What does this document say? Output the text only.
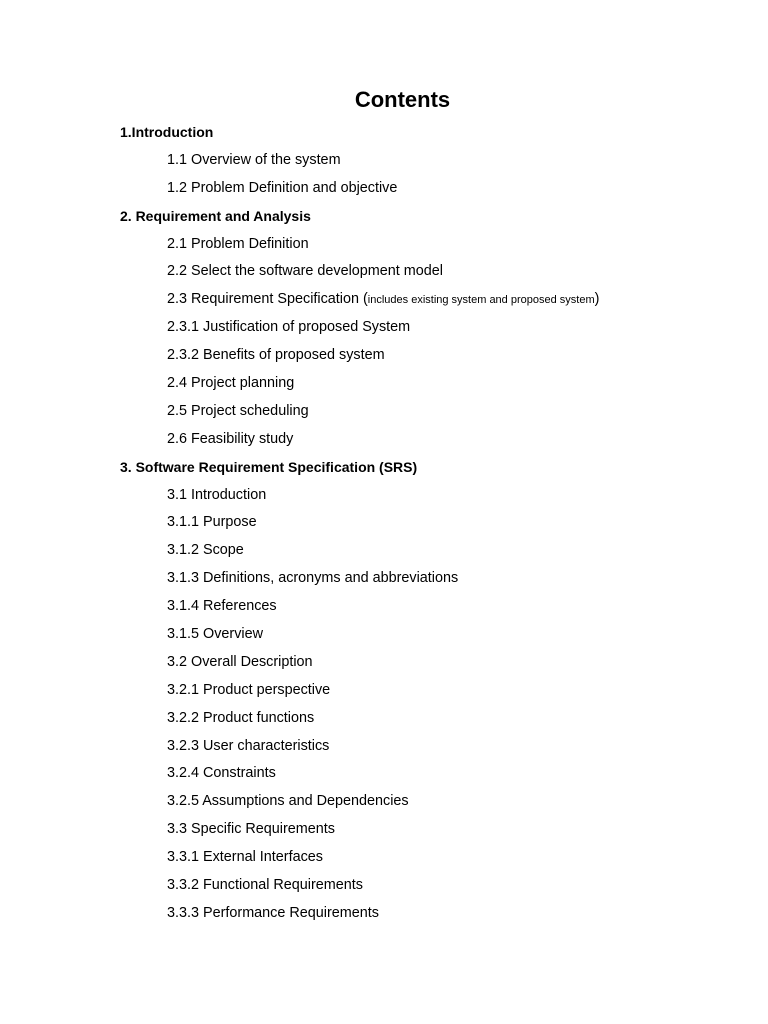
Contents
1.Introduction
1.1 Overview of the system
1.2 Problem Definition and objective
2. Requirement and Analysis
2.1 Problem Definition
2.2 Select the software development model
2.3 Requirement Specification (includes existing system and proposed system)
2.3.1 Justification of proposed System
2.3.2 Benefits of proposed system
2.4 Project planning
2.5 Project scheduling
2.6 Feasibility study
3. Software Requirement Specification (SRS)
3.1 Introduction
3.1.1 Purpose
3.1.2 Scope
3.1.3 Definitions, acronyms and abbreviations
3.1.4 References
3.1.5 Overview
3.2 Overall Description
3.2.1 Product perspective
3.2.2 Product functions
3.2.3 User characteristics
3.2.4 Constraints
3.2.5 Assumptions and Dependencies
3.3 Specific Requirements
3.3.1 External Interfaces
3.3.2 Functional Requirements
3.3.3 Performance Requirements
